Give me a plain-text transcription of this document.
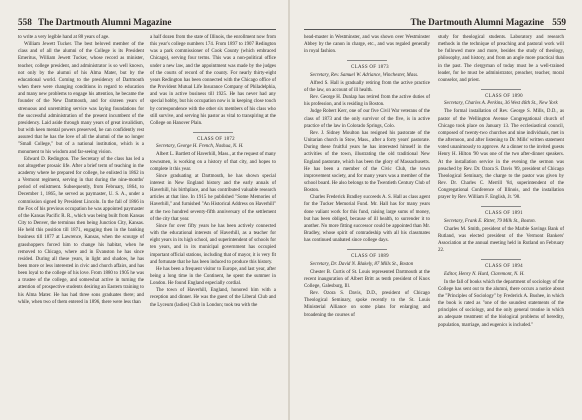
558 The Dartmouth Alumni Magazine

to write a very legible hand at 88 years of age.

William Jewett Tucker. The best beloved member of the class and of all the alumni of the College is its President Emeritus, William Jewett Tucker, whose record as minister, teacher, college president, and administrator is so well known, not only by the alumni of his Alma Mater, but by the educational world. Coming to the presidency of Dartmouth when there were changing conditions in regard to education and many new problems to engage his attention, he became the founder of the New Dartmouth, and for sixteen years of strenuous and unremitting service was laying foundations for the successful administration of the present incumbent of the presidency. Laid aside through many years of great invalidism, but with keen mental powers preserved, he can confidently rest assured that he has the love of all the alumni of the no longer "Small College," but of a national institution, which is a monument to his wisdom and far-seeing vision.

Edward D. Redington. The Secretary of the class has led a not altogether prosaic life. After a brief term of teaching in the academy where he prepared for college, he enlisted in 1862 in a Vermont regiment, serving in that during the nine-months' period of enlistment. Subsequently, from February, 1864, to December 1, 1865, he served as paymaster, U. S. A., under a commission signed by President Lincoln. In the fall of 1866 in the Fox of his previous occupation he was appointed paymaster of the Kansas Pacific R. R., which was being built from Kansas City to Denver, the terminus then being Junction City, Kansas. He held this position till 1871, engaging then in the banking business till 1877 at Lawrence, Kansas, when the scourge of grasshoppers forced him to change his habitat, when he removed to Chicago, where and in Evanston he has since resided. During all these years, in light and shadow, he has been more or less interested in civic and church affairs, and has been loyal to the college of his love. From 1880 to 1905 he was a trustee of the college, and somewhat active in turning the attention of prospective students desiring an Eastern training to his Alma Mater. He has had three sons graduates there; and while, when two of them entered in 1896, there were less than

a half dozen from the state of Illinois, the enrollment now from this year's college numbers 174. From 1897 to 1907 Redington was a park commissioner of Cook County (which embraced Chicago), serving four terms. This was a non-political office under a new law, and the appointment was made by the judges of the courts of record of the county. For nearly thirty-eight years Redington has been connected with the Chicago office of the Provident Mutual Life Insurance Company of Philadelphia, and was in active business till 1925. He has never had any special hobby, but his occupation now is in keeping close touch by correspondence with the other six members of his class who still survive, and serving his pastor as vital to transpiring at the College on Hanover Plain.

CLASS OF 1872

Secretary, George H. French, Nashua, N. H.

Albert L. Bartlett of Haverhill, Mass., at the request of many townsmen, is working on a history of that city, and hopes to complete it this year.

Since graduating at Dartmouth, he has shown special interest in New England history and the early annals of Haverhill, his birthplace, and has contributed valuable research articles at that line. In 1915 he published "Some Memories of Haverhill," and furnished "An Historical Address on Haverhill" at the two hundred seventy-fifth anniversary of the settlement of the city that year.

Since for over fifty years he has been actively connected with the educational interests of Haverhill, as a teacher for eight years in its high school, and superintendent of schools for ten years, and in its municipal government has occupied important official stations, including that of mayor, it is very fit and fortunate that he has been induced to produce this history.

He has been a frequent visitor to Europe, and last year, after being a long time in the Continent, he spent the summer in London. He found England especially cordial.

The town of Haverhill, England, honored him with a reception and dinner. He was the guest of the Liberal Club and the Lyceum (ladies) Club in London; took tea with the

The Dartmouth Alumni Magazine 559

head-master in Westminster, and was shown over Westminster Abbey by the canon in charge, etc., and was regaled generally in royal fashion.

CLASS OF 1873

Secretary, Rev. Samuel W. Adriance, Winchester, Mass.

Alfred S. Hall is gradually retiring from the active practice of the law, on account of ill health.

Rev. George H. Dunlap has retired from the active duties of his profession, and is residing in Boston.

Judge Robert Kerr, one of our five Civil War veterans of the class of 1873 and the only survivor of the five, is in active practice of the law in Colorado Springs, Colo.

Rev. J. Sidney Moulton has resigned his pastorate of the Unitarian church in Stow, Mass., after a forty years' pastorate. During these fruitful years he has interested himself in the activities of the town, illustrating the old traditional New England pastorate, which has been the glory of Massachusetts. He has been a member of the Civic Club, the town improvement society, and for many years was a member of the school board. He also belongs to the Twentieth Century Club of Boston.

Charles Frederick Bradley succeeds A. S. Hall as class agent for the Tucker Memorial Fund. Mr. Hall has for many years done valiant work for this fund, raising large sums of money, but has been obliged, because of ill health, to surrender it to another. No more fitting successor could be appointed than Mr. Bradley, whose spirit of comradeship with all his classmates has continued unabated since college days.

CLASS OF 1889

Secretary, Dr. David N. Blakely, 87 Mills St., Boston

Chester B. Curtis of St. Louis represented Dartmouth at the recent inauguration of Albert Britt as tenth president of Knox College, Galesburg, Ill.

Rev. Ozora S. Davis, D.D., president of Chicago Theological Seminary, spoke recently to the St. Louis Ministerial Alliance on some plans for enlarging and broadening the courses of

study for theological students. Laboratory and research methods in the technique of preaching and pastoral work will be followed more and more, besides the study of theology, philosophy, and history, and from an angle more practical than in the past. The clergyman of today must be a well-trained leader, for he must be administrator, preacher, teacher, moral counselor, and priest.

CLASS OF 1890

Secretary, Charles A. Perkins, 36 West 46th St., New York

The formal installation of Rev. George S. Mills, D.D., as pastor of the Wellington Avenue Congregational church of Chicago took place on January 13. The ecclesiastical council, composed of twenty-two churches and nine individuals, met in the afternoon, and after listening to Dr. Mills' written statement voted unanimously to approve. At a dinner to the invited guests Henry H. Hilton '90 was one of the two after-dinner speakers. At the installation service in the evening the sermon was preached by Rev. Dr. Ozora S. Davis '89, president of Chicago Theological Seminary, the charge to the pastor was given by Rev. Dr. Charles C. Merrill '84, superintendent of the Congregational Conference of Illinois, and the installation prayer by Rev. William F. English, Jr. '98.

CLASS OF 1891

Secretary, Frank E. Ritter, 79 Milk St., Boston.

Charles M. Smith, president of the Marble Savings Bank of Rutland, was elected president of the Vermont Bankers' Association at the annual meeting held in Rutland on February 22.

CLASS OF 1894

Editor, Henry N. Hurd, Claremont, N. H.

In the fall of books which the department of sociology of the College has sent out to the alumni, there occurs a notice about the "Principles of Sociology" by Frederick A. Bushee, in which the book is rated as "one of the soundest statements of the principles of sociology, and the only general treatise in which an adequate treatment of the biological problems of heredity, population, marriage, and eugenics is included."
